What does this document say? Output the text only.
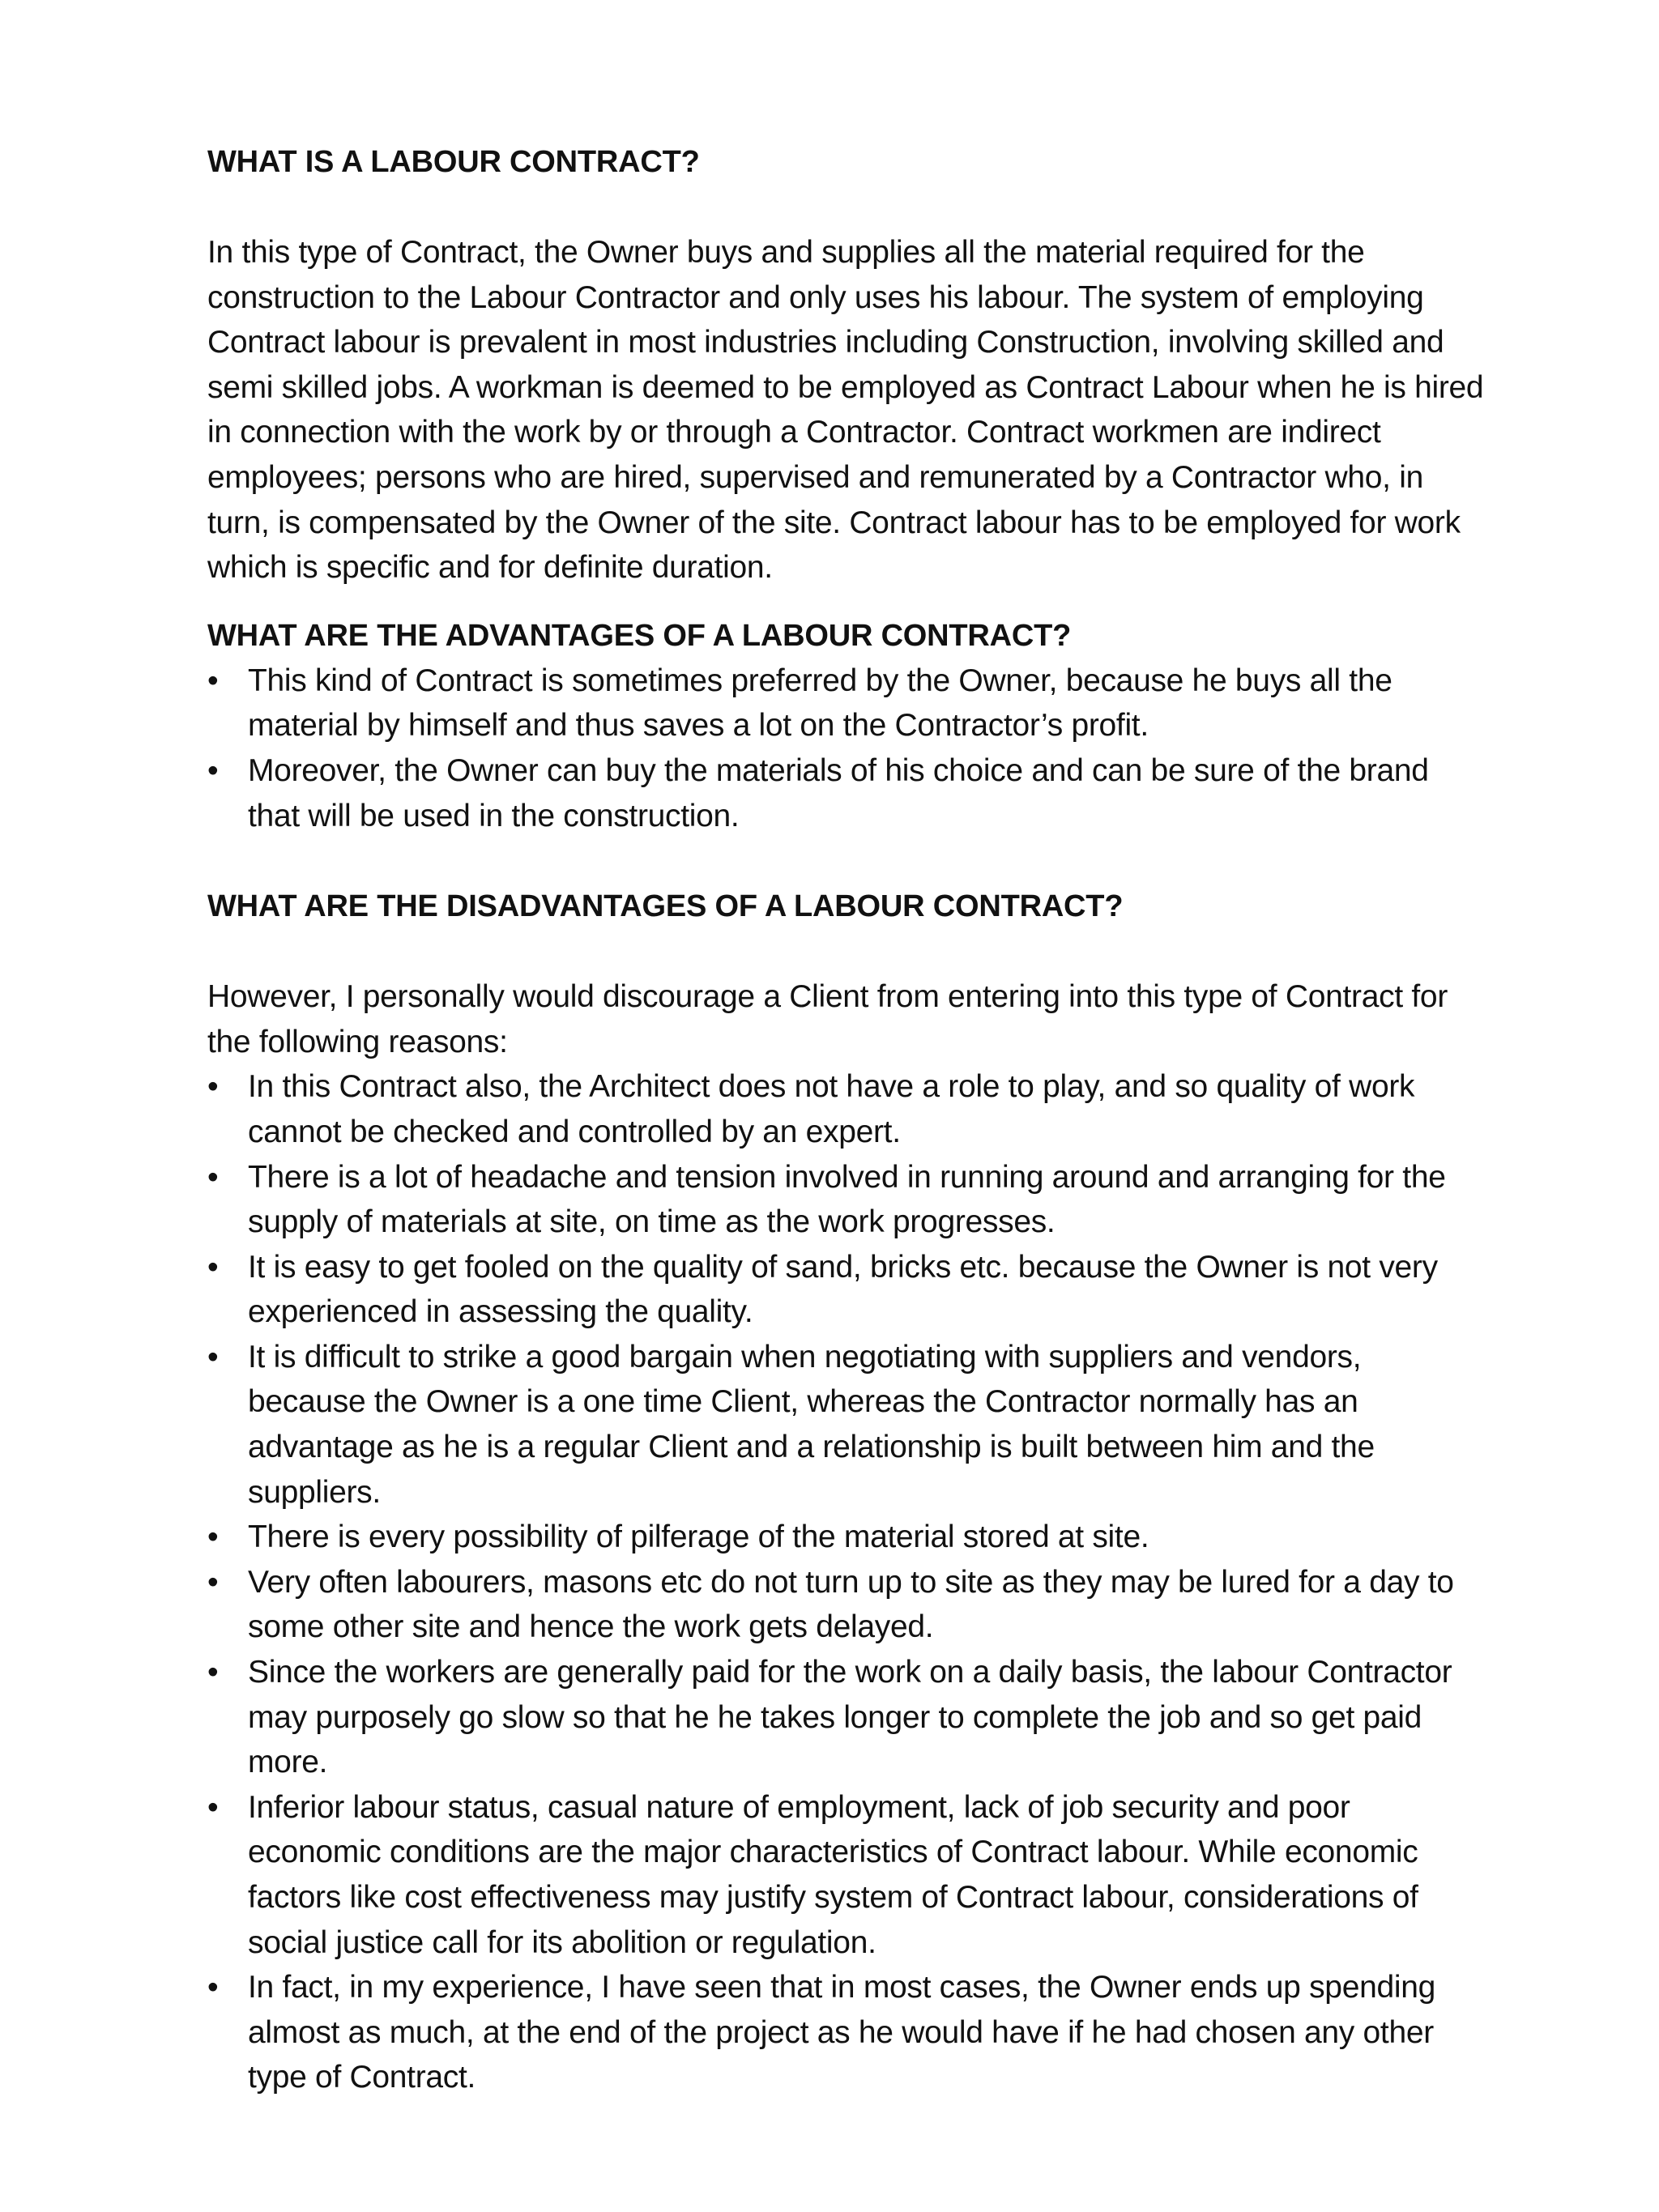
WHAT IS A LABOUR CONTRACT?

In this type of Contract, the Owner buys and supplies all the material required for the construction to the Labour Contractor and only uses his labour. The system of employing Contract labour is prevalent in most industries including Construction, involving skilled and semi skilled jobs. A workman is deemed to be employed as Contract Labour when he is hired in connection with the work by or through a Contractor. Contract workmen are indirect employees; persons who are hired, supervised and remunerated by a Contractor who, in turn, is compensated by the Owner of the site. Contract labour has to be employed for work which is specific and for definite duration.

WHAT ARE THE ADVANTAGES OF A LABOUR CONTRACT?
• This kind of Contract is sometimes preferred by the Owner, because he buys all the material by himself and thus saves a lot on the Contractor’s profit.
• Moreover, the Owner can buy the materials of his choice and can be sure of the brand that will be used in the construction.
WHAT ARE THE DISADVANTAGES OF A LABOUR CONTRACT?

However, I personally would discourage a Client from entering into this type of Contract for the following reasons:

• In this Contract also, the Architect does not have a role to play, and so quality of work cannot be checked and controlled by an expert.
• There is a lot of headache and tension involved in running around and arranging for the supply of materials at site, on time as the work progresses.
• It is easy to get fooled on the quality of sand, bricks etc. because the Owner is not very experienced in assessing the quality.
• It is difficult to strike a good bargain when negotiating with suppliers and vendors, because the Owner is a one time Client, whereas the Contractor normally has an advantage as he is a regular Client and a relationship is built between him and the suppliers.
• There is every possibility of pilferage of the material stored at site.
• Very often labourers, masons etc do not turn up to site as they may be lured for a day to some other site and hence the work gets delayed.
• Since the workers are generally paid for the work on a daily basis, the labour Contractor may purposely go slow so that he he takes longer to complete the job and so get paid more.
• Inferior labour status, casual nature of employment, lack of job security and poor economic conditions are the major characteristics of Contract labour. While economic factors like cost effectiveness may justify system of Contract labour, considerations of social justice call for its abolition or regulation.
• In fact, in my experience, I have seen that in most cases, the Owner ends up spending almost as much, at the end of the project as he would have if he had chosen any other type of Contract.
